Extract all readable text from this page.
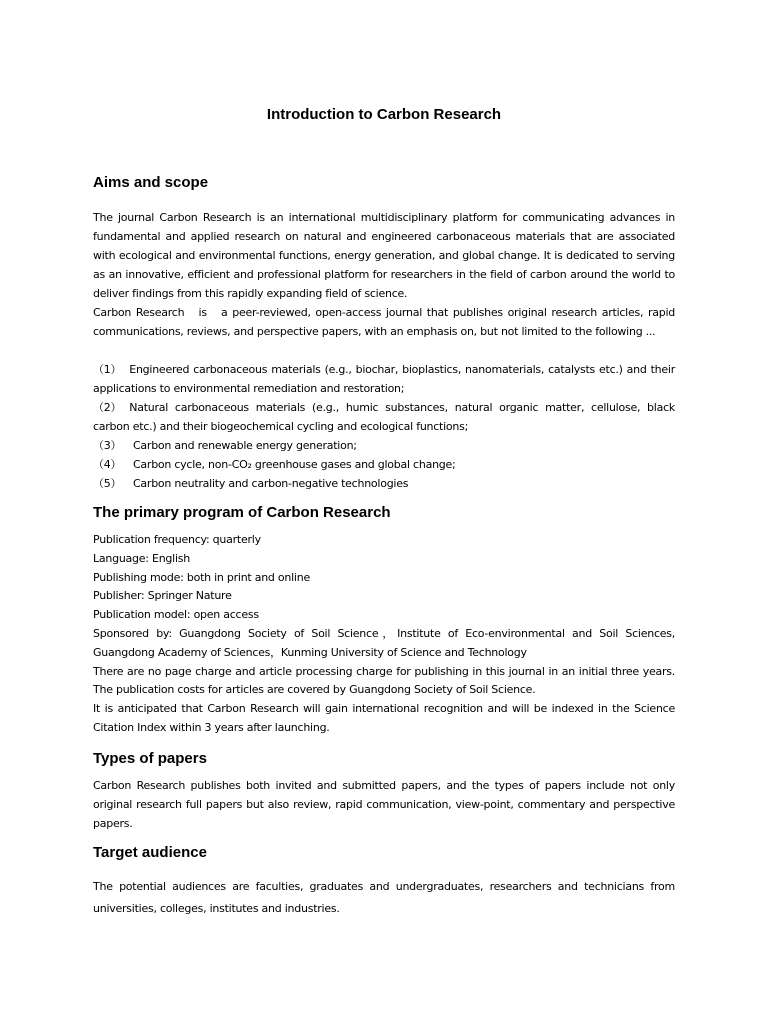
Introduction to Carbon Research
Aims and scope

The journal Carbon Research is an international multidisciplinary platform for communicating advances in fundamental and applied research on natural and engineered carbonaceous materials that are associated with ecological and environmental functions, energy generation, and global change. It is dedicated to serving as an innovative, efficient and professional platform for researchers in the field of carbon around the world to deliver findings from this rapidly expanding field of science.

Carbon Research   is   a peer-reviewed, open-access journal that publishes original research articles, rapid communications, reviews, and perspective papers, with an emphasis on, but not limited to the following ...

（1） Engineered carbonaceous materials (e.g., biochar, bioplastics, nanomaterials, catalysts etc.) and their applications to environmental remediation and restoration;

（2） Natural carbonaceous materials (e.g., humic substances, natural organic matter, cellulose, black carbon etc.) and their biogeochemical cycling and ecological functions;

（3） Carbon and renewable energy generation;

（4） Carbon cycle, non-CO₂ greenhouse gases and global change;

（5） Carbon neutrality and carbon-negative technologies

The primary program of Carbon Research

Publication frequency: quarterly

Language: English

Publishing mode: both in print and online

Publisher: Springer Nature

Publication model: open access

Sponsored by: Guangdong Society of Soil Science，Institute of Eco-environmental and Soil Sciences, Guangdong Academy of Sciences，Kunming University of Science and Technology

There are no page charge and article processing charge for publishing in this journal in an initial three years. The publication costs for articles are covered by Guangdong Society of Soil Science.

It is anticipated that Carbon Research will gain international recognition and will be indexed in the Science Citation Index within 3 years after launching.

Types of papers

Carbon Research publishes both invited and submitted papers, and the types of papers include not only original research full papers but also review, rapid communication, view-point, commentary and perspective papers.

Target audience

The potential audiences are faculties, graduates and undergraduates, researchers and technicians from universities, colleges, institutes and industries.
